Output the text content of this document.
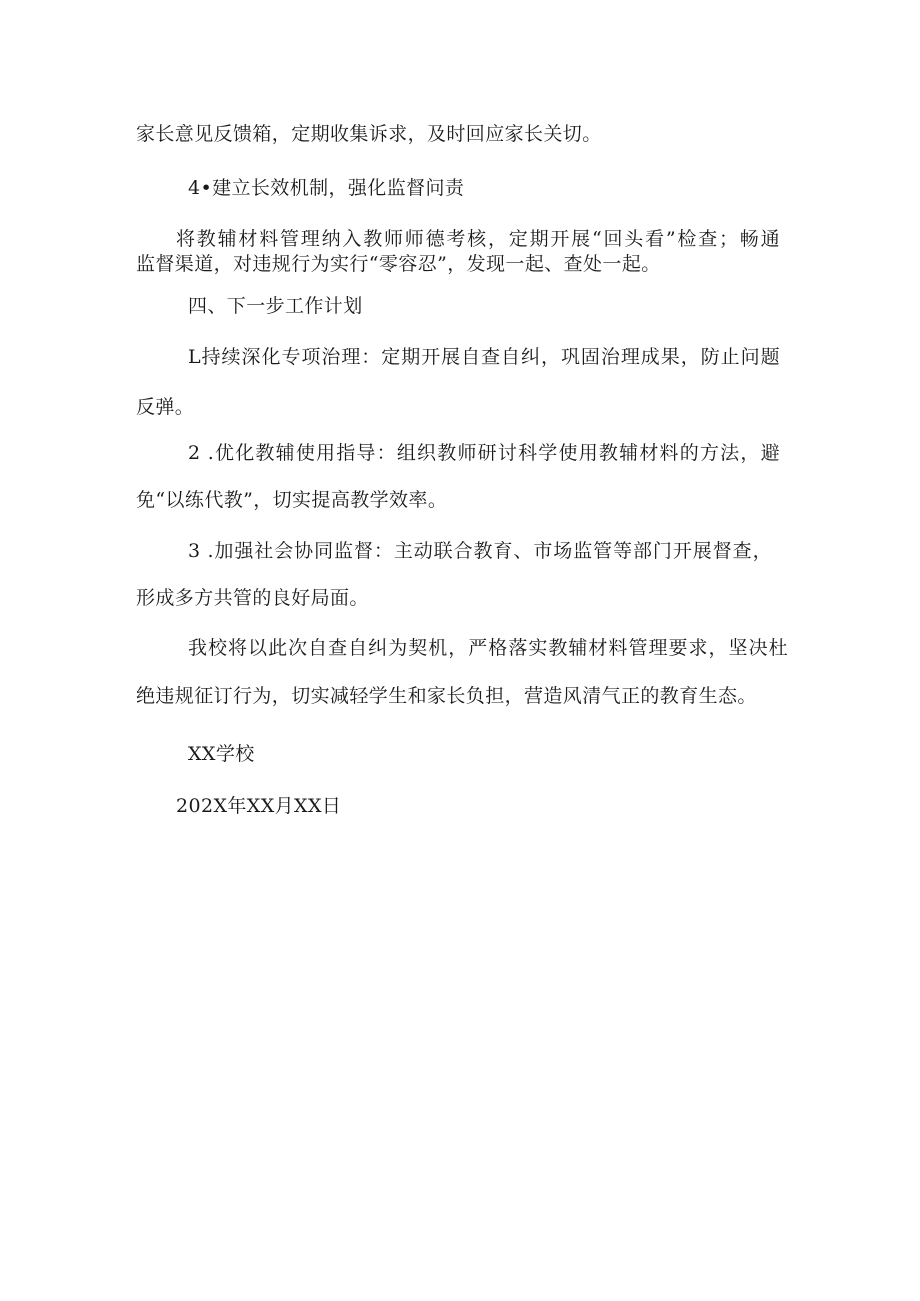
家长意见反馈箱，定期收集诉求，及时回应家长关切。
4•建立长效机制，强化监督问责
将教辅材料管理纳入教师师德考核，定期开展“回头看”检查；畅通
监督渠道，对违规行为实行“零容忍”，发现一起、查处一起。
四、下一步工作计划
L持续深化专项治理：定期开展自查自纠，巩固治理成果，防止问题
反弹。
2 .优化教辅使用指导：组织教师研讨科学使用教辅材料的方法，避
免“以练代教”，切实提高教学效率。
3 .加强社会协同监督：主动联合教育、市场监管等部门开展督查，
形成多方共管的良好局面。
我校将以此次自查自纠为契机，严格落实教辅材料管理要求，坚决杜
绝违规征订行为，切实减轻学生和家长负担，营造风清气正的教育生态。
XX学校
202X年XX月XX日
